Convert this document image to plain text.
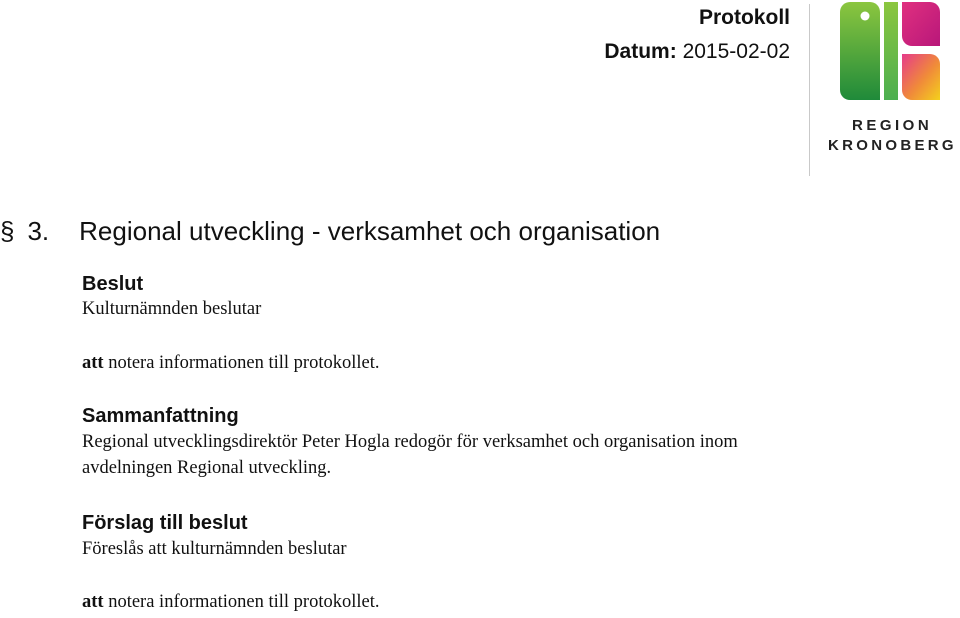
Protokoll
Datum: 2015-02-02
REGION
KRONOBERG
§ 3. Regional utveckling - verksamhet och organisation
Beslut
Kulturnämnden beslutar
att notera informationen till protokollet.
Sammanfattning
Regional utvecklingsdirektör Peter Hogla redogör för verksamhet och organisation inom
avdelningen Regional utveckling.
Förslag till beslut
Föreslås att kulturnämnden beslutar
att notera informationen till protokollet.
